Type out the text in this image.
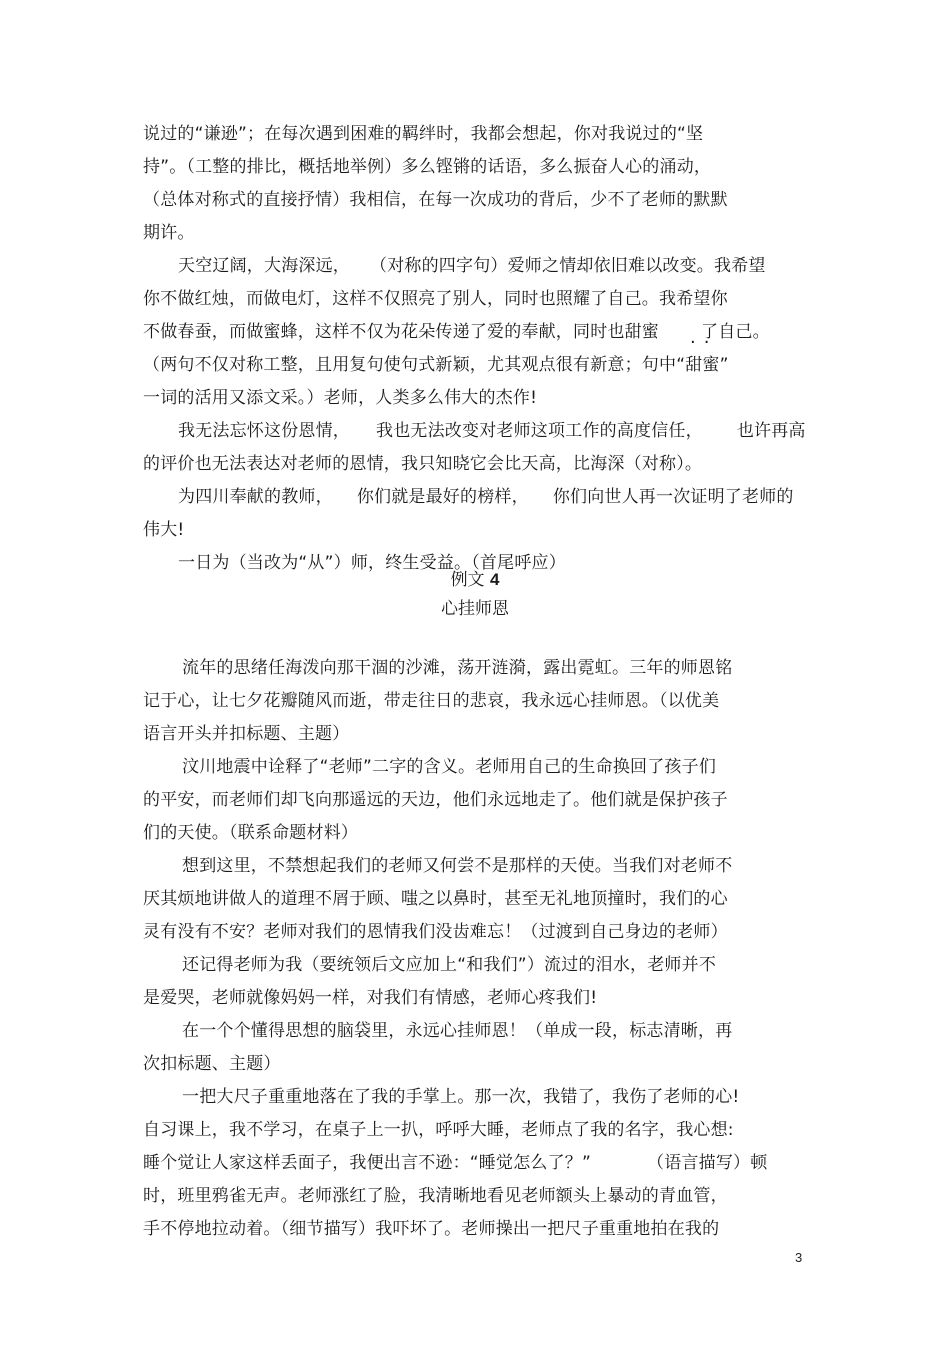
说过的“谦逊”；在每次遇到困难的羁绊时，我都会想起，你对我说过的“坚
持”。（工整的排比，概括地举例）多么铿锵的话语，多么振奋人心的涌动，
（总体对称式的直接抒情）我相信，在每一次成功的背后，少不了老师的默默
期许。
天空辽阔，大海深远， （对称的四字句）爱师之情却依旧难以改变。我希望
你不做红烛，而做电灯，这样不仅照亮了别人，同时也照耀了自己。我希望你
不做春蚕，而做蜜蜂，这样不仅为花朵传递了爱的奉献，同时也甜蜜 了自己。
··
（两句不仅对称工整，且用复句使句式新颖，尤其观点很有新意；句中“甜蜜”
一词的活用又添文采。）老师，人类多么伟大的杰作!
我无法忘怀这份恩情， 我也无法改变对老师这项工作的高度信任， 也许再高
的评价也无法表达对老师的恩情，我只知晓它会比天高，比海深（对称）。
为四川奉献的教师， 你们就是最好的榜样， 你们向世人再一次证明了老师的
伟大!
一日为（当改为“从”）师，终生受益。（首尾呼应）
例文 4
心挂师恩
流年的思绪任海泼向那干涸的沙滩，荡开涟漪，露出霓虹。三年的师恩铭
记于心，让七夕花瓣随风而逝，带走往日的悲哀，我永远心挂师恩。（以优美
语言开头并扣标题、主题）
汶川地震中诠释了“老师”二字的含义。老师用自己的生命换回了孩子们
的平安，而老师们却飞向那遥远的天边，他们永远地走了。他们就是保护孩子
们的天使。（联系命题材料）
想到这里，不禁想起我们的老师又何尝不是那样的天使。当我们对老师不
厌其烦地讲做人的道理不屑于顾、嗤之以鼻时，甚至无礼地顶撞时，我们的心
灵有没有不安？老师对我们的恩情我们没齿难忘！（过渡到自己身边的老师）
还记得老师为我（要统领后文应加上“和我们”）流过的泪水，老师并不
是爱哭，老师就像妈妈一样，对我们有情感，老师心疼我们!
在一个个懂得思想的脑袋里，永远心挂师恩！（单成一段，标志清晰，再
次扣标题、主题）
一把大尺子重重地落在了我的手掌上。那一次，我错了，我伤了老师的心!
自习课上，我不学习，在桌子上一扒，呼呼大睡，老师点了我的名字，我心想:
睡个觉让人家这样丢面子，我便出言不逊：“睡觉怎么了？”	（语言描写）顿
时，班里鸦雀无声。老师涨红了脸，我清晰地看见老师额头上暴动的青血管，
手不停地拉动着。（细节描写）我吓坏了。老师操出一把尺子重重地拍在我的
3
